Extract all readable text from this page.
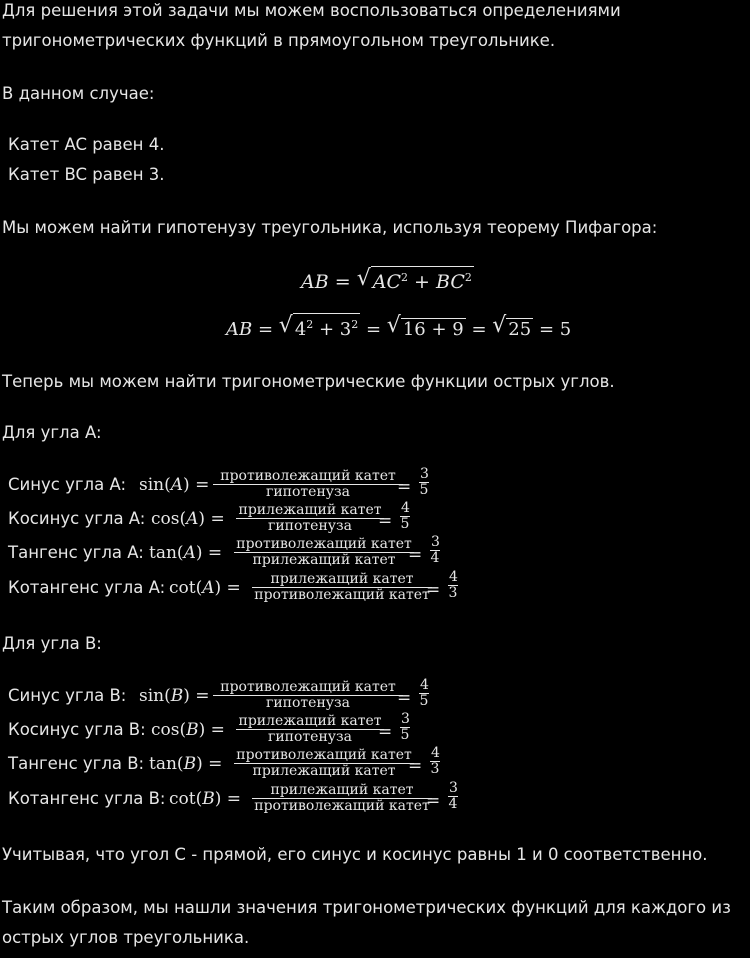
Для решения этой задачи мы можем воспользоваться определениями
тригонометрических функций в прямоугольном треугольнике.
В данном случае:
Катет AC равен 4.
Катет BC равен 3.
Мы можем найти гипотенузу треугольника, используя теорему Пифагора:
AB = √ $AC^2 + BC^2$
AB = √ $4^2 + 3^2$ = √ 16 + 9 = √ 25 = 5
Теперь мы можем найти тригонометрические функции острых углов.
Для угла A:
Синус угла A: sin(A) = противолежащий катет
гипотенуза	= $\frac{3}{5}$
Косинус угла A: cos(A) = прилежащий катет
гипотенуза	= $\frac{4}{5}$
Тангенс угла A: tan(A) = противолежащий катет
прилежащий катет = $\frac{3}{4}$
Котангенс угла A: cot(A) =	прилежащий катет
противолежащий катет
= $\frac{4}{3}$
Для угла B:
Синус угла B: sin(B) = противолежащий катет
гипотенуза	= $\frac{4}{5}$
Косинус угла B: cos(B) = прилежащий катет
гипотенуза	= $\frac{3}{5}$
Тангенс угла B: tan(B) = противолежащий катет
прилежащий катет = $\frac{4}{3}$
Котангенс угла B: cot(B) =	прилежащий катет
противолежащий катет
= $\frac{3}{4}$
Учитывая, что угол C - прямой, его синус и косинус равны 1 и 0 соответственно.
Таким образом, мы нашли значения тригонометрических функций для каждого из
острых углов треугольника.
